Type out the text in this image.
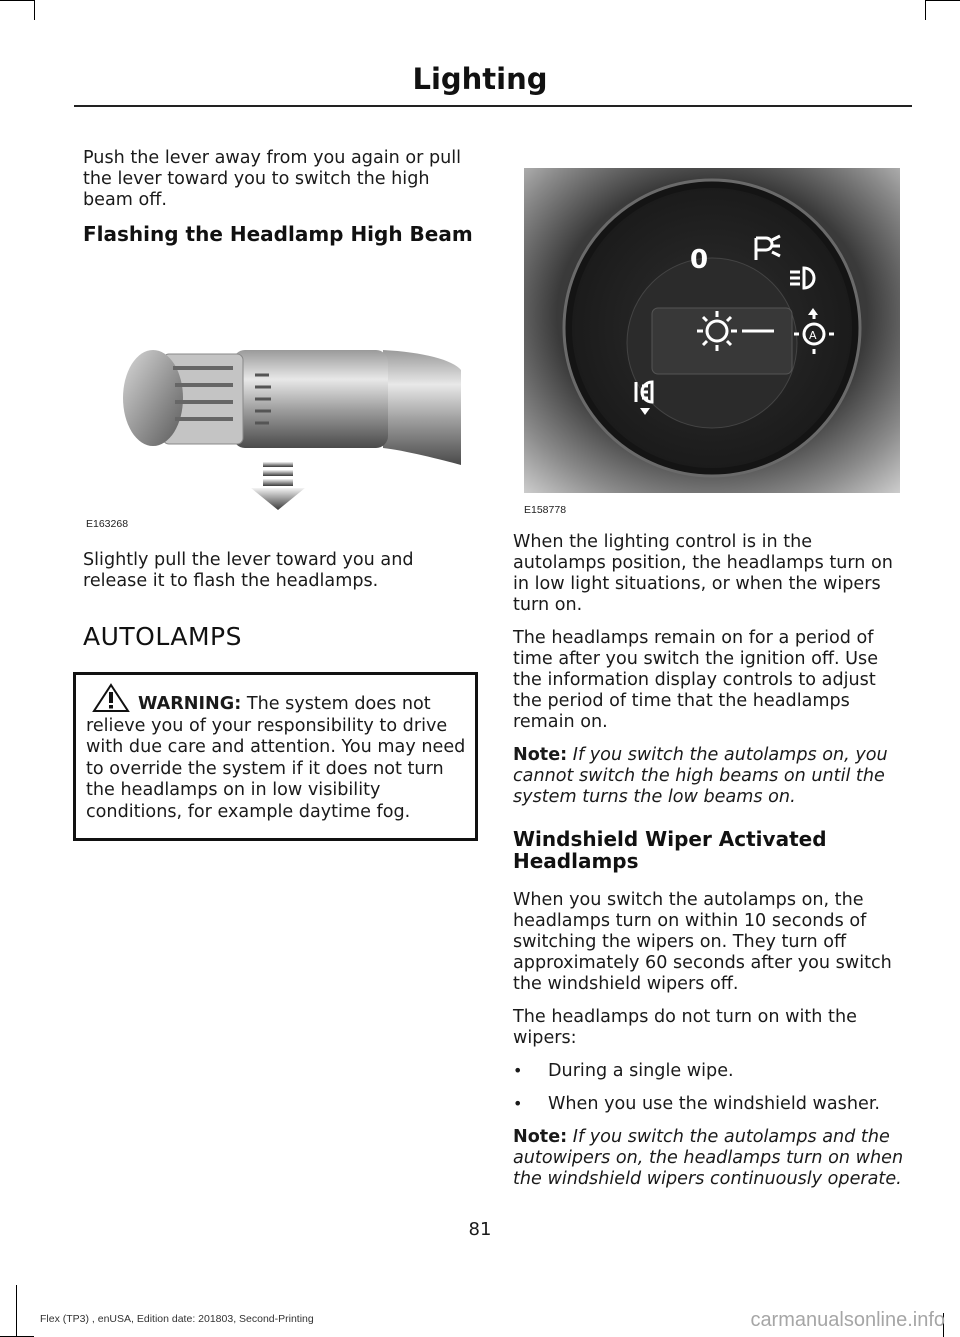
Lighting

Push the lever away from you again or pull the lever toward you to switch the high beam off.

Flashing the Headlamp High Beam
E163268

Slightly pull the lever toward you and release it to flash the headlamps.

AUTOLAMPS

WARNING: The system does not relieve you of your responsibility to drive with due care and attention. You may need to override the system if it does not turn the headlamps on in low visibility conditions, for example daytime fog.

0
A
E158778

When the lighting control is in the autolamps position, the headlamps turn on in low light situations, or when the wipers turn on.

The headlamps remain on for a period of time after you switch the ignition off. Use the information display controls to adjust the period of time that the headlamps remain on.

Note: If you switch the autolamps on, you cannot switch the high beams on until the system turns the low beams on.

Windshield Wiper Activated Headlamps

When you switch the autolamps on, the headlamps turn on within 10 seconds of switching the wipers on. They turn off approximately 60 seconds after you switch the windshield wipers off.

The headlamps do not turn on with the wipers:

•	During a single wipe.

•	When you use the windshield washer.

Note: If you switch the autolamps and the autowipers on, the headlamps turn on when the windshield wipers continuously operate.

81
Flex (TP3) , enUSA, Edition date: 201803, Second-Printing	carmanualsonline.info
